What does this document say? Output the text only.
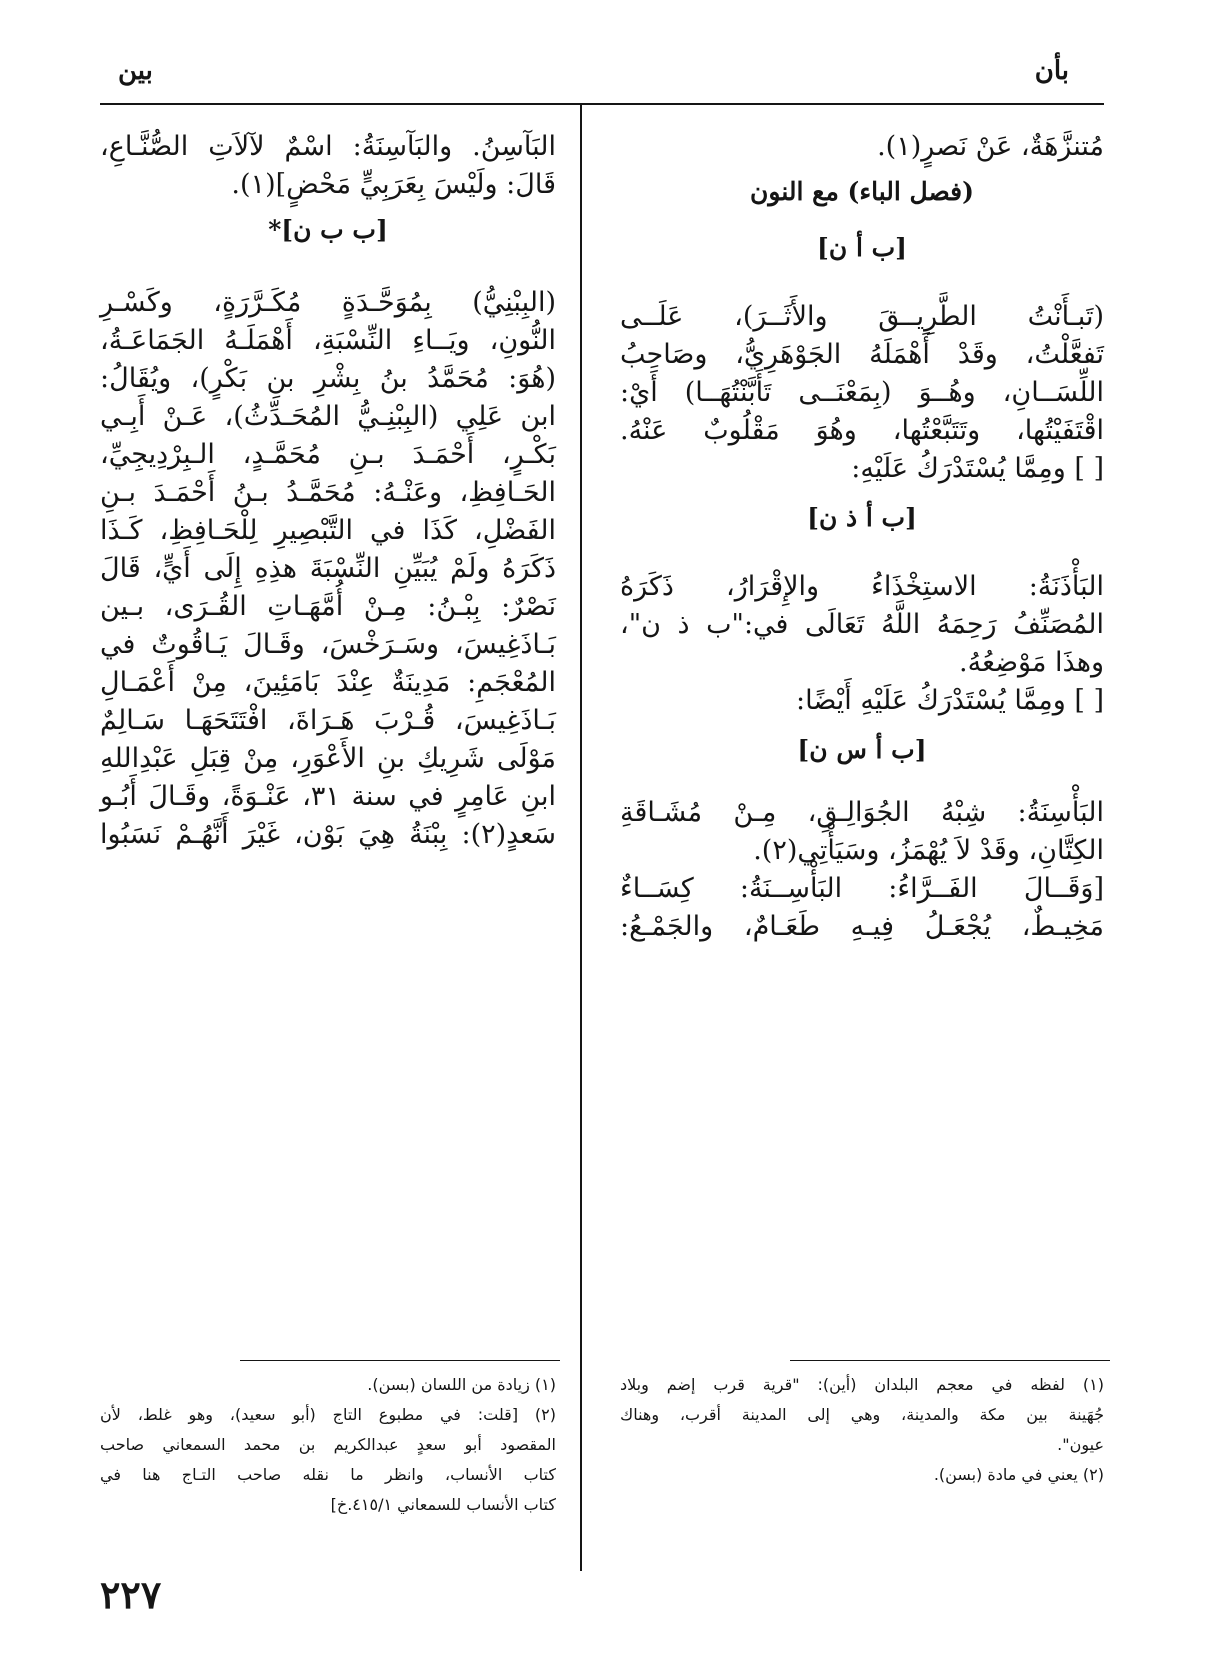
بأن
بين

مُتنزَّهَةٌ، عَنْ نَصرٍ(١).

(فصل الباء) مع النون

[ب أ ن]

(تَبـأَنْتُ الطَّرِيــقَ والأَثَــرَ)، عَلَــى

تَفعَّلْتُ، وقَدْ أَهْمَلَهُ الجَوْهَرِيُّ، وصَاحِبُ

اللِّسَــانِ، وهُــوَ (بِمَعْنَــى تَأَبَّنْتُهَــا) أَيْ:

اقْتَفَيْتُها، وتَتَبَّعْتُها، وهُوَ مَقْلُوبٌ عَنْهُ.

[ ] ومِمَّا يُسْتَدْرَكُ عَلَيْهِ:

[ب أ ذ ن]

البَأْذَنَةُ: الاستِخْذَاءُ والإِقْرَارُ، ذَكَرَهُ

المُصَنِّفُ رَحِمَهُ اللَّهُ تَعَالَى في:"ب ذ ن"،

وهذَا مَوْضِعُهُ.

[ ] ومِمَّا يُسْتَدْرَكُ عَلَيْهِ أَيْضًا:

[ب أ س ن]

البَأْسِنَةُ: شِبْهُ الجُوَالِـقِ، مِـنْ مُشَـاقَةِ

الكِتَّانِ، وقَدْ لاَ يُهْمَزُ، وسَيَأْتِي(٢).

[وَقَــالَ الفَــرَّاءُ: البَأْسِــنَةُ: كِسَــاءٌ

مَخِيـطٌ، يُجْعَـلُ فِيـهِ طَعَـامٌ، والجَمْـعُ:

البَآسِنُ. والبَآسِنَةُ: اسْمٌ لآلاَتِ الصُّنَّـاعِ،

قَالَ: ولَيْسَ بِعَرَبِيٍّ مَحْضٍ](١).

[ب ب ن]*

(البِبْنِيُّ) بِمُوَحَّـدَةٍ مُكَـرَّرَةٍ، وكَسْـرِ

النُّونِ، ويَــاءِ النِّسْبَةِ، أَهْمَلَـهُ الجَمَاعَـةُ،

(هُوَ: مُحَمَّدُ بنُ بِشْرِ بنِ بَكْرٍ)، ويُقَالُ:

ابن عَلِي (البِبْنِـيُّ المُحَـدِّثُ)، عَـنْ أَبِـي

بَكْـرٍ، أَحْمَـدَ بـنِ مُحَمَّـدٍ، الـبِرْدِيجِيِّ،

الحَـافِظِ، وعَنْـهُ: مُحَمَّـدُ بـنُ أَحْمَـدَ بـنِ

الفَضْلِ، كَذَا في التَّبْصِيرِ لِلْحَـافِظِ، كَـذَا

ذَكَرَهُ ولَمْ يُبَيِّنِ النِّسْبَةَ هذِهِ إِلَى أَيٍّ، قَالَ

نَصْرٌ: بِبْـنُ: مِـنْ أُمَّهَـاتِ القُـرَى، بـين

بَـاذَغِيسَ، وسَـرَخْسَ، وقَـالَ يَـاقُوتٌ في

المُعْجَمِ: مَدِينَةٌ عِنْدَ بَامَئِينَ، مِنْ أَعْمَـالِ

بَـاذَغِيسَ، قُـرْبَ هَـرَاةَ، افْتَتَحَهَـا سَـالِمٌ

مَوْلَى شَرِيكِ بنِ الأَعْوَرِ، مِنْ قِبَلِ عَبْدِاللهِ

ابنِ عَامِرٍ في سنة ٣١، عَنْـوَةً، وقَـالَ أَبُـو

سَعدٍ(٢): بِبْنَةُ هِيَ بَوْن، غَيْرَ أَنَّهُـمْ نَسَبُوا

(١) لفظه في معجم البلدان (أين): "قرية قرب إضم وبلاد

جُهَينة بين مكة والمدينة، وهي إلى المدينة أقرب، وهناك

عيون".

(٢) يعني في مادة (بسن).

(١) زيادة من اللسان (بسن).

(٢) [قلت: في مطبوع التاج (أبو سعيد)، وهو غلط، لأن

المقصود أبو سعدٍ عبدالكريم بن محمد السمعاني صاحب

كتاب الأنساب، وانظر ما نقله صاحب التـاج هنا في

كتاب الأنساب للسمعاني ٤١٥/١.خ]

٢٢٧
